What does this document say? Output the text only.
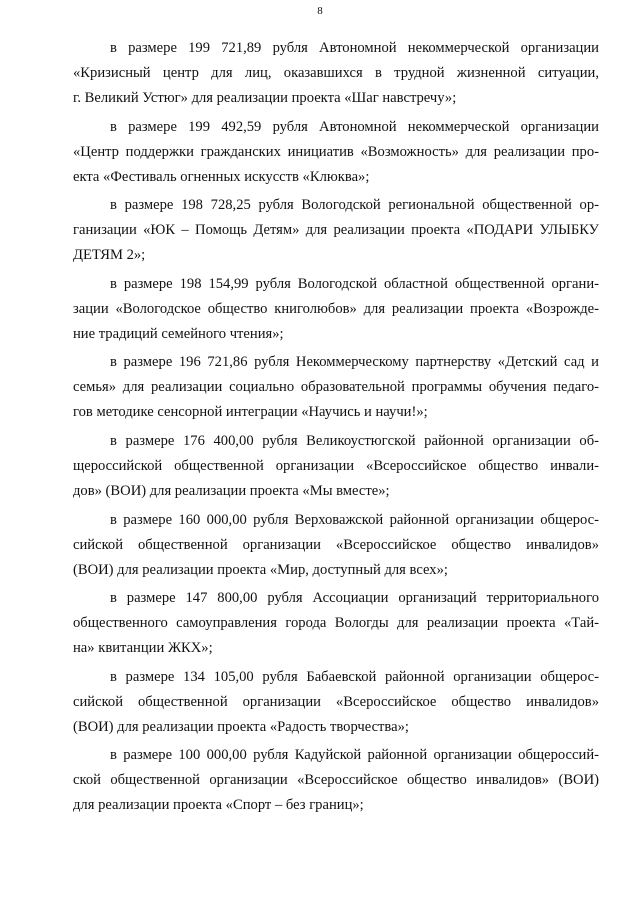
8
в размере 199 721,89 рубля Автономной некоммерческой организации
«Кризисный центр для лиц, оказавшихся в трудной жизненной ситуации,
г. Великий Устюг» для реализации проекта «Шаг навстречу»;
в размере 199 492,59 рубля Автономной некоммерческой организации
«Центр поддержки гражданских инициатив «Возможность» для реализации про-
екта «Фестиваль огненных искусств «Клюква»;
в размере 198 728,25 рубля Вологодской региональной общественной ор-
ганизации «ЮК – Помощь Детям» для реализации проекта «ПОДАРИ УЛЫБКУ
ДЕТЯМ 2»;
в размере 198 154,99 рубля Вологодской областной общественной органи-
зации «Вологодское общество книголюбов» для реализации проекта «Возрожде-
ние традиций семейного чтения»;
в размере 196 721,86 рубля Некоммерческому партнерству «Детский сад и
семья» для реализации социально образовательной программы обучения педаго-
гов методике сенсорной интеграции «Научись и научи!»;
в размере 176 400,00 рубля Великоустюгской районной организации об-
щероссийской общественной организации «Всероссийское общество инвали-
дов» (ВОИ) для реализации проекта «Мы вместе»;
в размере 160 000,00 рубля Верховажской районной организации общерос-
сийской общественной организации «Всероссийское общество инвалидов»
(ВОИ) для реализации проекта «Мир, доступный для всех»;
в размере 147 800,00 рубля Ассоциации организаций территориального
общественного самоуправления города Вологды для реализации проекта «Тай-
на» квитанции ЖКХ»;
в размере 134 105,00 рубля Бабаевской районной организации общерос-
сийской общественной организации «Всероссийское общество инвалидов»
(ВОИ) для реализации проекта «Радость творчества»;
в размере 100 000,00 рубля Кадуйской районной организации общероссий-
ской общественной организации «Всероссийское общество инвалидов» (ВОИ)
для реализации проекта «Спорт – без границ»;
